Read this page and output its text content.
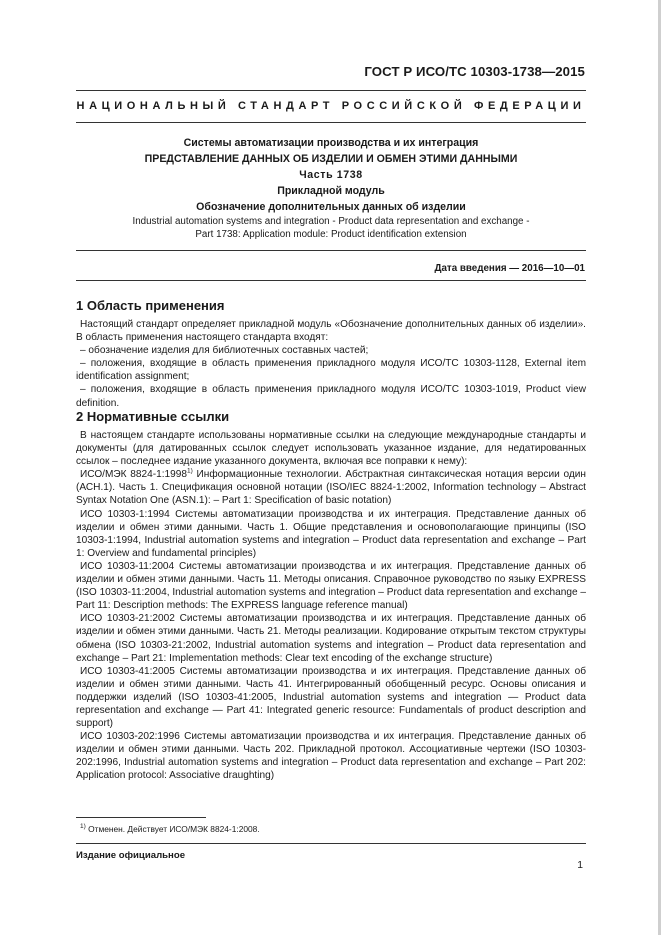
ГОСТ Р ИСО/ТС 10303-1738—2015
НАЦИОНАЛЬНЫЙ СТАНДАРТ РОССИЙСКОЙ ФЕДЕРАЦИИ
Системы автоматизации производства и их интеграция
ПРЕДСТАВЛЕНИЕ ДАННЫХ ОБ ИЗДЕЛИИ И ОБМЕН ЭТИМИ ДАННЫМИ
Часть 1738
Прикладной модуль
Обозначение дополнительных данных об изделии
Industrial automation systems and integration - Product data representation and exchange -
Part 1738: Application module: Product identification extension
Дата введения — 2016—10—01
1 Область применения

Настоящий стандарт определяет прикладной модуль «Обозначение дополнительных данных об изделии». В область применения настоящего стандарта входят:

– обозначение изделия для библиотечных составных частей;

– положения, входящие в область применения прикладного модуля ИСО/ТС 10303-1128, External item identification assignment;

– положения, входящие в область применения прикладного модуля ИСО/ТС 10303-1019, Product view definition.

2 Нормативные ссылки

В настоящем стандарте использованы нормативные ссылки на следующие международные стандарты и документы (для датированных ссылок следует использовать указанное издание, для недатированных ссылок – последнее издание указанного документа, включая все поправки к нему):

ИСО/МЭК 8824-1:1998$^{1)}$ Информационные технологии. Абстрактная синтаксическая нотация версии один (АСН.1). Часть 1. Спецификация основной нотации (ISO/IEC 8824-1:2002, Information technology – Abstract Syntax Notation One (ASN.1): – Part 1: Specification of basic notation)

ИСО 10303-1:1994 Системы автоматизации производства и их интеграция. Представление данных об изделии и обмен этими данными. Часть 1. Общие представления и основополагающие принципы (ISO 10303-1:1994, Industrial automation systems and integration – Product data representation and exchange – Part 1: Overview and fundamental principles)

ИСО 10303-11:2004 Системы автоматизации производства и их интеграция. Представление данных об изделии и обмен этими данными. Часть 11. Методы описания. Справочное руководство по языку EXPRESS (ISO 10303-11:2004, Industrial automation systems and integration – Product data representation and exchange – Part 11: Description methods: The EXPRESS language reference manual)

ИСО 10303-21:2002 Системы автоматизации производства и их интеграция. Представление данных об изделии и обмен этими данными. Часть 21. Методы реализации. Кодирование открытым текстом структуры обмена (ISO 10303-21:2002, Industrial automation systems and integration – Product data representation and exchange – Part 21: Implementation methods: Clear text encoding of the exchange structure)

ИСО 10303-41:2005 Системы автоматизации производства и их интеграция. Представление данных об изделии и обмен этими данными. Часть 41. Интегрированный обобщенный ресурс. Основы описания и поддержки изделий (ISO 10303-41:2005, Industrial automation systems and integration — Product data representation and exchange — Part 41: Integrated generic resource: Fundamentals of product description and support)

ИСО 10303-202:1996 Системы автоматизации производства и их интеграция. Представление данных об изделии и обмен этими данными. Часть 202. Прикладной протокол. Ассоциативные чертежи (ISO 10303-202:1996, Industrial automation systems and integration – Product data representation and exchange – Part 202: Application protocol: Associative draughting)

$^{1)}$ Отменен. Действует ИСО/МЭК 8824-1:2008.
Издание официальное
1
